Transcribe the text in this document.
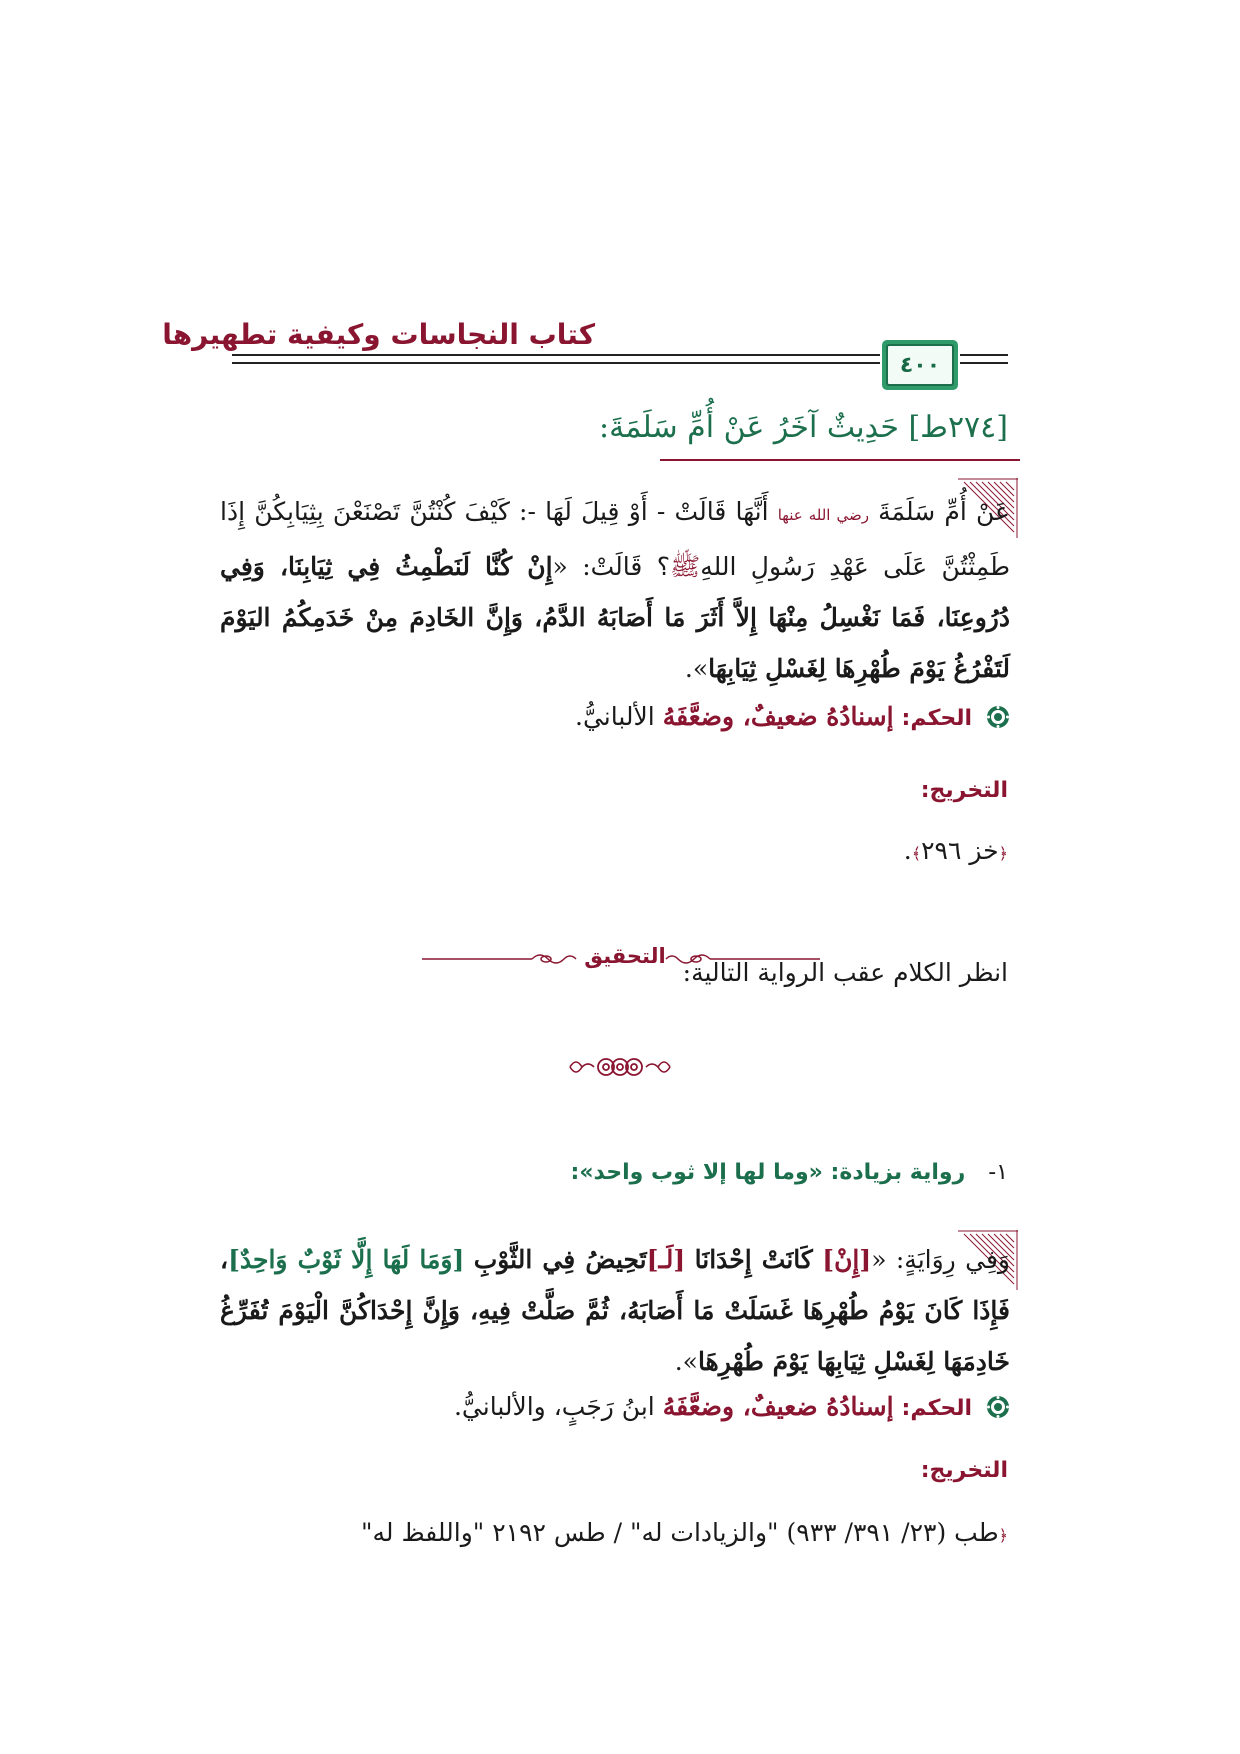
كتاب النجاسات وكيفية تطهيرها
٤٠٠
[٢٧٤ط] حَدِيثٌ آخَرُ عَنْ أُمِّ سَلَمَةَ:

عَنْ أُمِّ سَلَمَةَ رضي الله عنها أَنَّهَا قَالَتْ - أَوْ قِيلَ لَهَا -: كَيْفَ كُنْتُنَّ تَصْنَعْنَ بِثِيَابِكُنَّ إِذَا طَمِثْتُنَّ عَلَى عَهْدِ رَسُولِ اللهِﷺ؟ قَالَتْ: «إِنْ كُنَّا لَنَطْمِثُ فِي ثِيَابِنَا، وَفِي دُرُوعِنَا، فَمَا نَغْسِلُ مِنْهَا إِلاَّ أَثَرَ مَا أَصَابَهُ الدَّمُ، وَإِنَّ الخَادِمَ مِنْ خَدَمِكُمُ اليَوْمَ لَتَفْرُغُ يَوْمَ طُهْرِهَا لِغَسْلِ ثِيَابِهَا».

الحكم: إسنادُهُ ضعيفٌ، وضعَّفَهُ الألبانيُّ.
التخريج:
﴿خز ٢٩٦﴾.
التحقيق
انظر الكلام عقب الرواية التالية:
١-   رواية بزيادة: «وما لها إلا ثوب واحد»:

وَفِي رِوَايَةٍ: «[إِنْ] كَانَتْ إِحْدَانَا [لَـ]تَحِيضُ فِي الثَّوْبِ [وَمَا لَهَا إِلَّا ثَوْبٌ وَاحِدٌ]، فَإِذَا كَانَ يَوْمُ طُهْرِهَا غَسَلَتْ مَا أَصَابَهُ، ثُمَّ صَلَّتْ فِيهِ، وَإِنَّ إِحْدَاكُنَّ الْيَوْمَ تُفَرِّغُ خَادِمَهَا لِغَسْلِ ثِيَابِهَا يَوْمَ طُهْرِهَا».

الحكم: إسنادُهُ ضعيفٌ، وضعَّفَهُ ابنُ رَجَبٍ، والألبانيُّ.
التخريج:
﴿طب (٢٣/ ٣٩١/ ٩٣٣) "والزيادات له" / طس ٢١٩٢ "واللفظ له"
